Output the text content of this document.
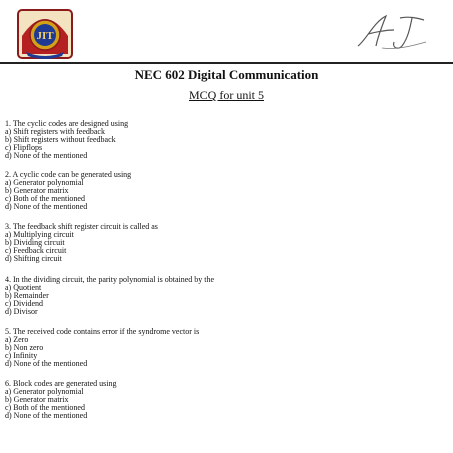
JIT
NEC 602 Digital Communication
MCQ for unit 5
1. The cyclic codes are designed using
a) Shift registers with feedback
b) Shift registers without feedback
c) Flipflops
d) None of the mentioned
2. A cyclic code can be generated using
a) Generator polynomial
b) Generator matrix
c) Both of the mentioned
d) None of the mentioned
3. The feedback shift register circuit is called as
a) Multiplying circuit
b) Dividing circuit
c) Feedback circuit
d) Shifting circuit
4. In the dividing circuit, the parity polynomial is obtained by the
a) Quotient
b) Remainder
c) Dividend
d) Divisor
5. The received code contains error if the syndrome vector is
a) Zero
b) Non zero
c) Infinity
d) None of the mentioned
6. Block codes are generated using
a) Generator polynomial
b) Generator matrix
c) Both of the mentioned
d) None of the mentioned
